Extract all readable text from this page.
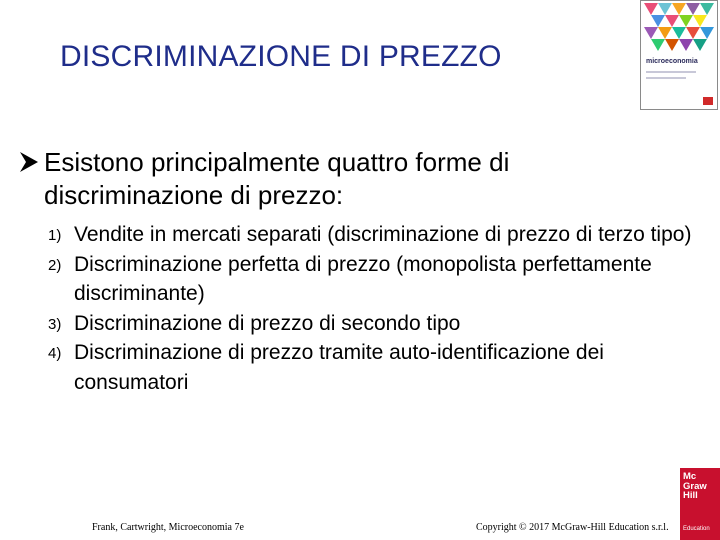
DISCRIMINAZIONE DI PREZZO	microeconomia
Esistono principalmente quattro forme di discriminazione di prezzo:
1) Vendite in mercati separati (discriminazione di prezzo di terzo tipo)
2) Discriminazione perfetta di prezzo (monopolista perfettamente discriminante)
3) Discriminazione di prezzo di secondo tipo
4) Discriminazione di prezzo tramite auto-identificazione dei consumatori
Frank, Cartwright, Microeconomia 7e	Copyright © 2017 McGraw-Hill Education s.r.l.
Mc
Graw
Hill
Education
